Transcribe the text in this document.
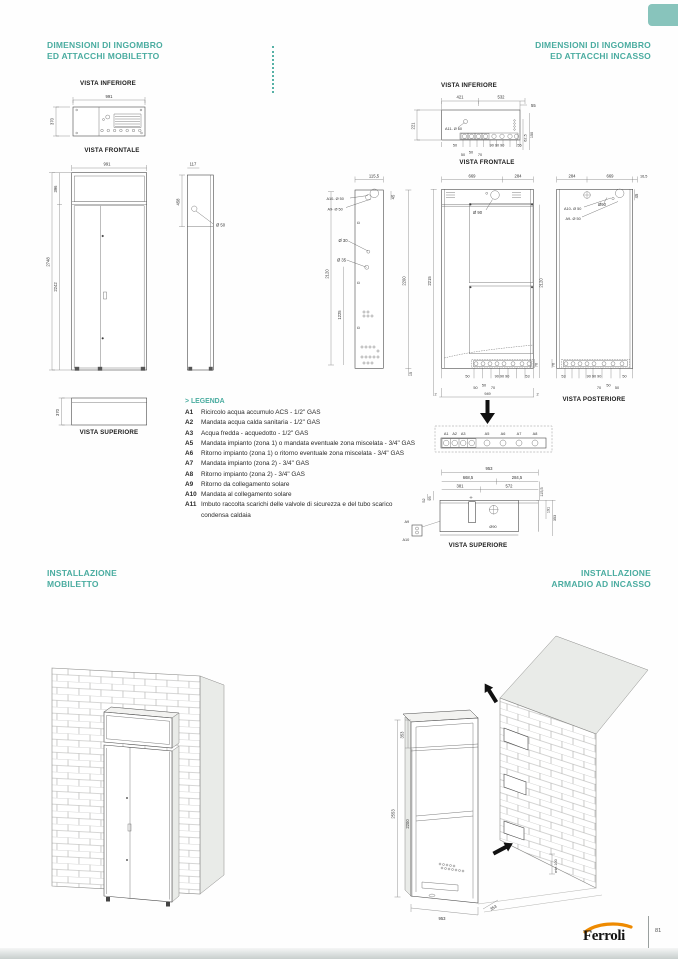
DIMENSIONI DI INGOMBRO
ED ATTACCHI MOBILETTO
DIMENSIONI DI INGOMBRO
ED ATTACCHI INCASSO
VISTA INFERIORE
VISTA FRONTALE
VISTA SUPERIORE
VISTA INFERIORE
VISTA FRONTALE
VISTA POSTERIORE
VISTA SUPERIORE
991
370
991
2748
396
2242
117
458
Ø 50
370
> LEGENDA
A1	Ricircolo acqua accumulo ACS - 1/2" GAS
A2	Mandata acqua calda sanitaria - 1/2" GAS
A3	Acqua fredda - acquedotto - 1/2" GAS
A5	Mandata impianto (zona 1) o mandata eventuale zona miscelata - 3/4" GAS
A6	Ritorno impianto (zona 1) o ritorno eventuale zona miscelata - 3/4" GAS
A7	Mandata impianto (zona 2) - 3/4" GAS
A8	Ritorno impianto (zona 2) - 3/4" GAS
A9	Ritorno da collegamento solare
A10 Mandata al collegamento solare
A11 Imbuto raccolta scarichi delle valvole di sicurezza e del tubo scarico
condensa caldaia
421	532
55
221	A11- Ø 60
50	90 90 90	55
50
50
70
62,5 150
115,5
45
A10- Ø 50
A9- Ø 50
Ø 30
Ø 35
2120
1225
2200
15
669	284
Ø 90
2215	2120
50	90 90 90	53
50
50
70
949
2	2
76
284	669	16,5
Ø90
A10- Ø 50
A9- Ø 50
45
53	90 90 90	50
70
50
50
76
A1 A2 A3	A5	A6	A7	A8
953
668,5	284,5
381	572
115,5
191
353
52 95
Ø90
A9
A10
INSTALLAZIONE
MOBILETTO
INSTALLAZIONE
ARMADIO AD INCASSO
353
2200
2553
953
353
min 100
Ferroli	81
